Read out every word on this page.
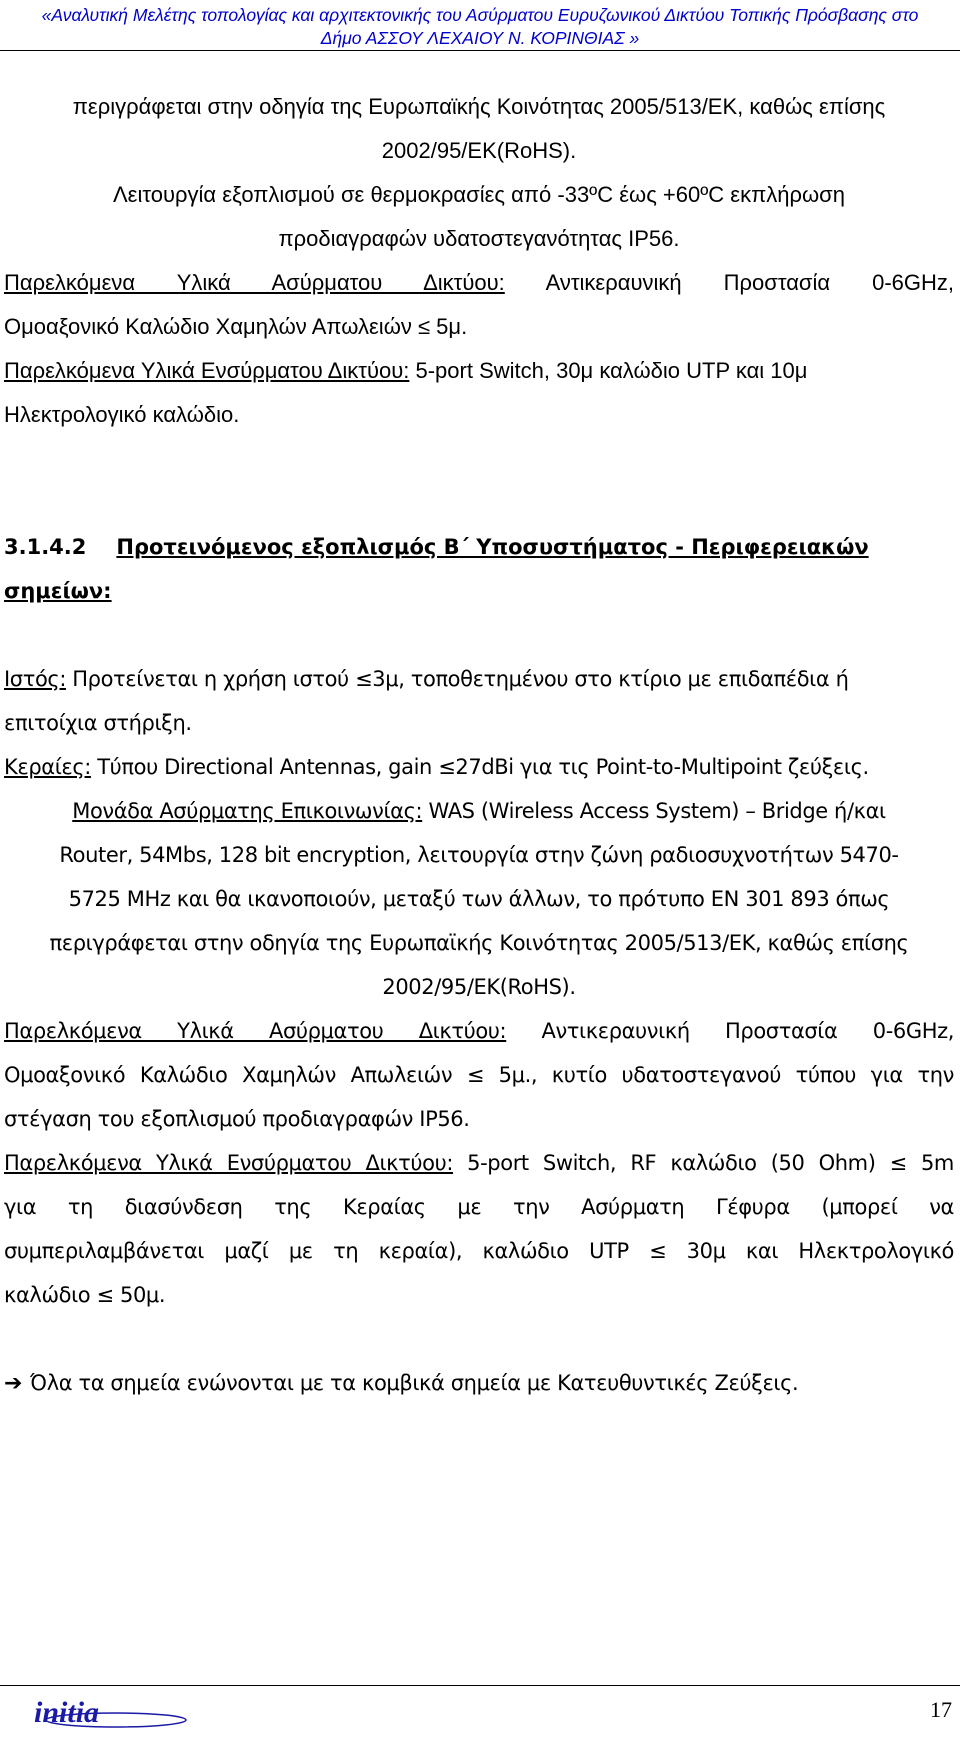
«Αναλυτική Μελέτης τοπολογίας και αρχιτεκτονικής του Ασύρματου Ευρυζωνικού Δικτύου Τοπικής Πρόσβασης στο
Δήμο ΑΣΣΟΥ ΛΕΧΑΙΟΥ Ν. ΚΟΡΙΝΘΙΑΣ »

περιγράφεται στην οδηγία της Ευρωπαϊκής Κοινότητας 2005/513/ΕΚ, καθώς επίσης

2002/95/ΕΚ(RoHS).

Λειτουργία εξοπλισμού σε θερμοκρασίες από -33ºC έως +60ºC εκπλήρωση

προδιαγραφών υδατοστεγανότητας IP56.

Παρελκόμενα Υλικά Ασύρματου Δικτύου: Αντικεραυνική Προστασία 0-6GHz,

Ομοαξονικό Καλώδιο Χαμηλών Απωλειών ≤ 5μ.

Παρελκόμενα Υλικά Ενσύρματου Δικτύου: 5-port Switch, 30μ καλώδιο UTP και 10μ

Ηλεκτρολογικό καλώδιο.

3.1.4.2 Προτεινόμενος εξοπλισμός Β΄ Υποσυστήματος - Περιφερειακών

σημείων:

Ιστός: Προτείνεται η χρήση ιστού ≤3μ, τοποθετημένου στο κτίριο με επιδαπέδια ή

επιτοίχια στήριξη.

Κεραίες: Τύπου Directional Antennas, gain ≤27dBi για τις Point-to-Multipoint ζεύξεις.

Μονάδα Ασύρματης Επικοινωνίας: WAS (Wireless Access System) – Bridge ή/και

Router, 54Mbs, 128 bit encryption, λειτουργία στην ζώνη ραδιοσυχνοτήτων 5470-

5725 MHz και θα ικανοποιούν, μεταξύ των άλλων, το πρότυπο EN 301 893 όπως

περιγράφεται στην οδηγία της Ευρωπαϊκής Κοινότητας 2005/513/ΕΚ, καθώς επίσης

2002/95/ΕΚ(RoHS).

Παρελκόμενα Υλικά Ασύρματου Δικτύου: Αντικεραυνική Προστασία 0-6GHz,

Ομοαξονικό Καλώδιο Χαμηλών Απωλειών ≤ 5μ., κυτίο υδατοστεγανού τύπου για την

στέγαση του εξοπλισμού προδιαγραφών IP56.

Παρελκόμενα Υλικά Ενσύρματου Δικτύου: 5-port Switch, RF καλώδιο (50 Ohm) ≤ 5m

για τη διασύνδεση της Κεραίας με την Ασύρματη Γέφυρα (μπορεί να

συμπεριλαμβάνεται μαζί με τη κεραία), καλώδιο UTP ≤ 30μ και Ηλεκτρολογικό

καλώδιο ≤ 50μ.

➔ Όλα τα σημεία ενώνονται με τα κομβικά σημεία με Κατευθυντικές Ζεύξεις.

initia	17
